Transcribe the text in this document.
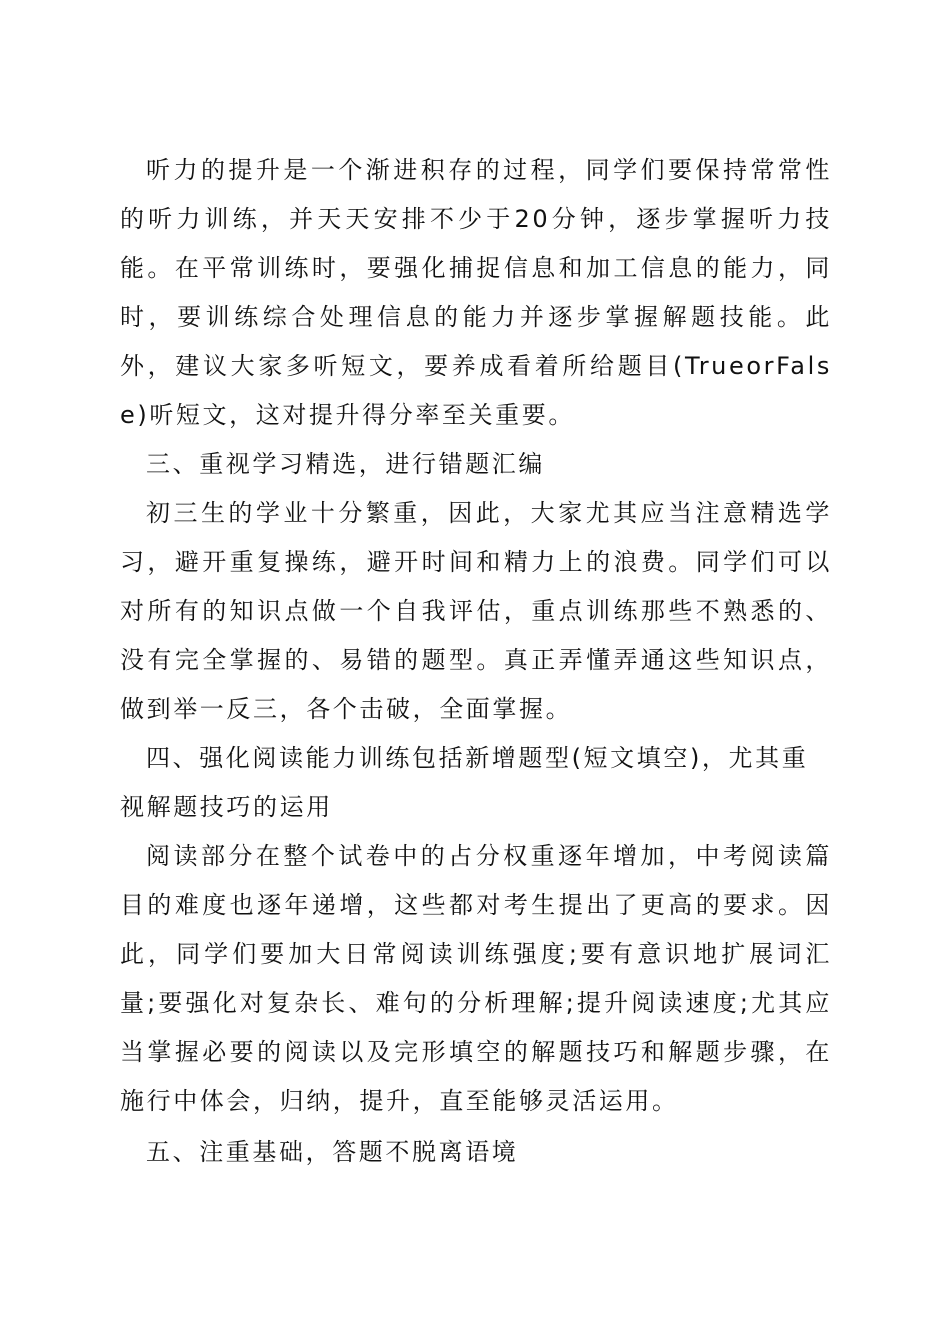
听力的提升是一个渐进积存的过程，同学们要保持常常性的听力训练，并天天安排不少于20分钟，逐步掌握听力技能。在平常训练时，要强化捕捉信息和加工信息的能力，同时，要训练综合处理信息的能力并逐步掌握解题技能。此外，建议大家多听短文，要养成看着所给题目(TrueorFalse)听短文，这对提升得分率至关重要。

三、重视学习精选，进行错题汇编

初三生的学业十分繁重，因此，大家尤其应当注意精选学习，避开重复操练，避开时间和精力上的浪费。同学们可以对所有的知识点做一个自我评估，重点训练那些不熟悉的、没有完全掌握的、易错的题型。真正弄懂弄通这些知识点，做到举一反三，各个击破，全面掌握。

四、强化阅读能力训练包括新增题型(短文填空)，尤其重视解题技巧的运用

阅读部分在整个试卷中的占分权重逐年增加，中考阅读篇目的难度也逐年递增，这些都对考生提出了更高的要求。因此，同学们要加大日常阅读训练强度;要有意识地扩展词汇量;要强化对复杂长、难句的分析理解;提升阅读速度;尤其应当掌握必要的阅读以及完形填空的解题技巧和解题步骤，在施行中体会，归纳，提升，直至能够灵活运用。

五、注重基础，答题不脱离语境
